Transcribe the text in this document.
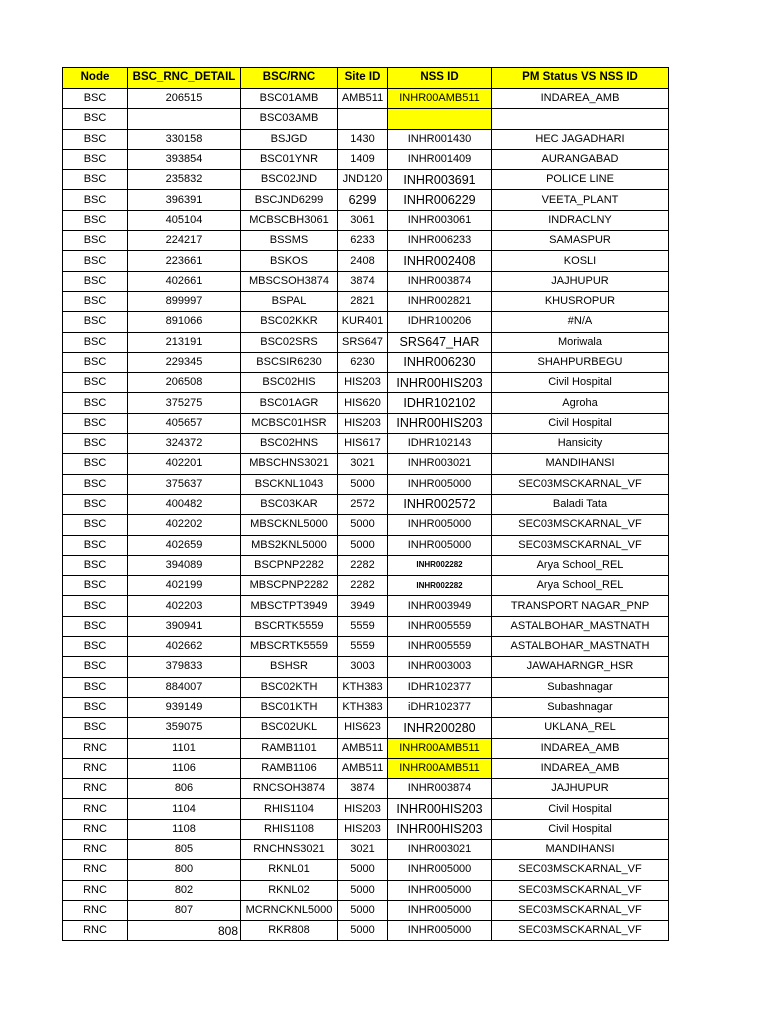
Node	BSC_RNC_DETAIL	BSC/RNC	Site ID	NSS ID	PM Status VS NSS ID
BSC	206515	BSC01AMB	AMB511	INHR00AMB511	INDAREA_AMB
BSC		BSC03AMB			
BSC	330158	BSJGD	1430	INHR001430	HEC JAGADHARI
BSC	393854	BSC01YNR	1409	INHR001409	AURANGABAD
BSC	235832	BSC02JND	JND120	INHR003691	POLICE LINE
BSC	396391	BSCJND6299	6299	INHR006229	VEETA_PLANT
BSC	405104	MCBSCBH3061	3061	INHR003061	INDRACLNY
BSC	224217	BSSMS	6233	INHR006233	SAMASPUR
BSC	223661	BSKOS	2408	INHR002408	KOSLI
BSC	402661	MBSCSOH3874	3874	INHR003874	JAJHUPUR
BSC	899997	BSPAL	2821	INHR002821	KHUSROPUR
BSC	891066	BSC02KKR	KUR401	IDHR100206	#N/A
BSC	213191	BSC02SRS	SRS647	SRS647_HAR	Moriwala
BSC	229345	BSCSIR6230	6230	INHR006230	SHAHPURBEGU
BSC	206508	BSC02HIS	HIS203	INHR00HIS203	Civil Hospital
BSC	375275	BSC01AGR	HIS620	IDHR102102	Agroha
BSC	405657	MCBSC01HSR	HIS203	INHR00HIS203	Civil Hospital
BSC	324372	BSC02HNS	HIS617	IDHR102143	Hansicity
BSC	402201	MBSCHNS3021	3021	INHR003021	MANDIHANSI
BSC	375637	BSCKNL1043	5000	INHR005000	SEC03MSCKARNAL_VF
BSC	400482	BSC03KAR	2572	INHR002572	Baladi Tata
BSC	402202	MBSCKNL5000	5000	INHR005000	SEC03MSCKARNAL_VF
BSC	402659	MBS2KNL5000	5000	INHR005000	SEC03MSCKARNAL_VF
BSC	394089	BSCPNP2282	2282	INHR002282	Arya School_REL
BSC	402199	MBSCPNP2282	2282	INHR002282	Arya School_REL
BSC	402203	MBSCTPT3949	3949	INHR003949	TRANSPORT NAGAR_PNP
BSC	390941	BSCRTK5559	5559	INHR005559	ASTALBOHAR_MASTNATH
BSC	402662	MBSCRTK5559	5559	INHR005559	ASTALBOHAR_MASTNATH
BSC	379833	BSHSR	3003	INHR003003	JAWAHARNGR_HSR
BSC	884007	BSC02KTH	KTH383	IDHR102377	Subashnagar
BSC	939149	BSC01KTH	KTH383	iDHR102377	Subashnagar
BSC	359075	BSC02UKL	HIS623	INHR200280	UKLANA_REL
RNC	1101	RAMB1101	AMB511	INHR00AMB511	INDAREA_AMB
RNC	1106	RAMB1106	AMB511	INHR00AMB511	INDAREA_AMB
RNC	806	RNCSOH3874	3874	INHR003874	JAJHUPUR
RNC	1104	RHIS1104	HIS203	INHR00HIS203	Civil Hospital
RNC	1108	RHIS1108	HIS203	INHR00HIS203	Civil Hospital
RNC	805	RNCHNS3021	3021	INHR003021	MANDIHANSI
RNC	800	RKNL01	5000	INHR005000	SEC03MSCKARNAL_VF
RNC	802	RKNL02	5000	INHR005000	SEC03MSCKARNAL_VF
RNC	807	MCRNCKNL5000	5000	INHR005000	SEC03MSCKARNAL_VF
RNC	808	RKR808	5000	INHR005000	SEC03MSCKARNAL_VF
